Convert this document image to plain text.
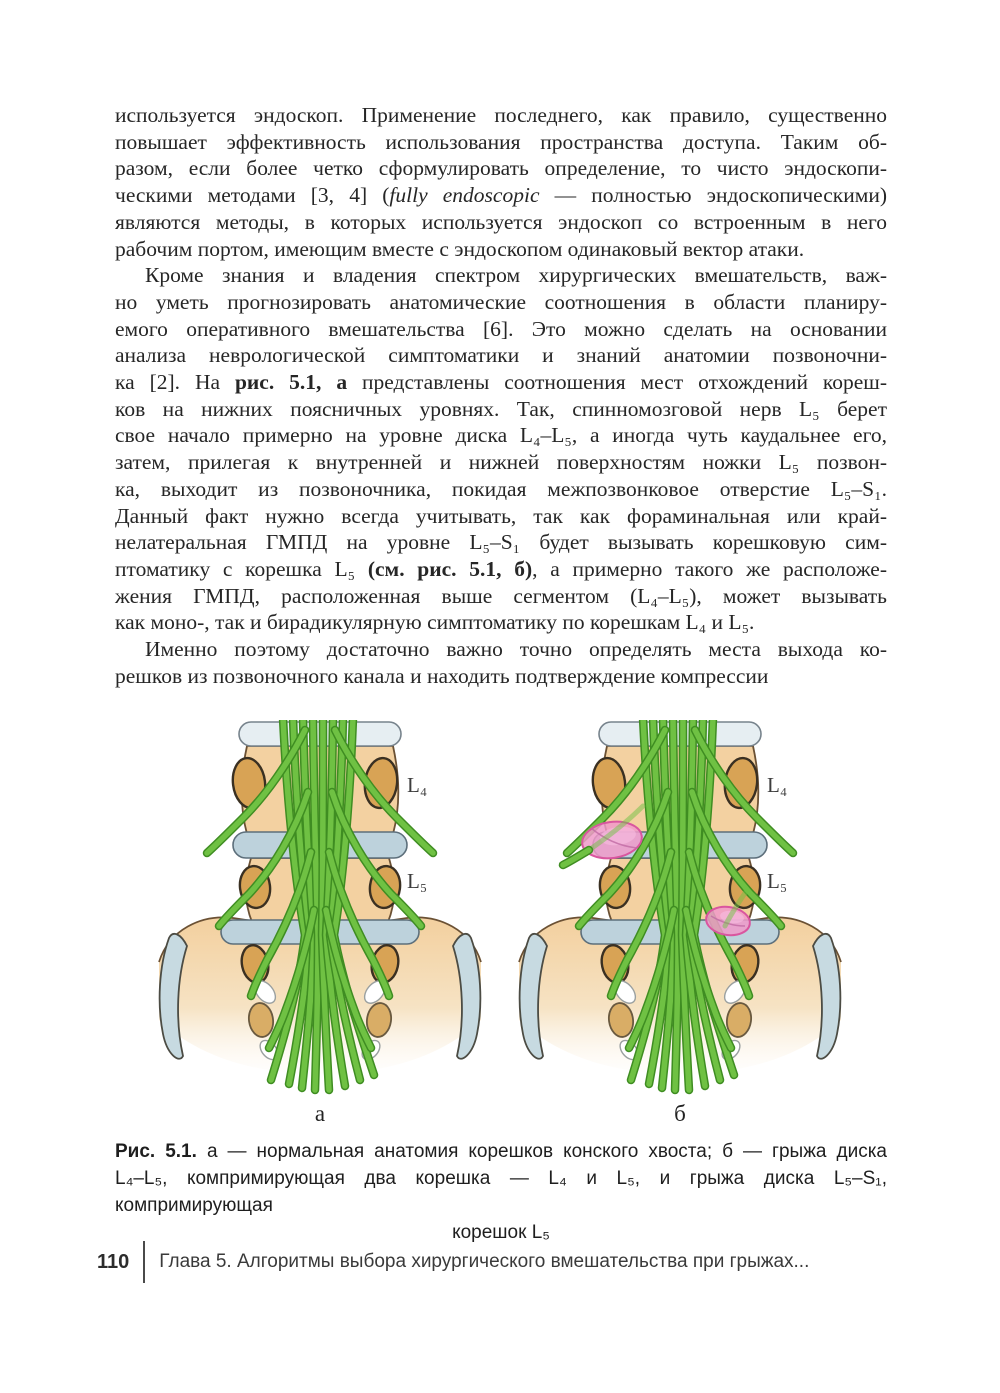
используется эндоскоп. Применение последнего, как правило, существенно
повышает эффективность использования пространства доступа. Таким об-
разом, если более четко сформулировать определение, то чисто эндоскопи-
ческими методами [3, 4] (fully endoscopic — полностью эндоскопическими)
являются методы, в которых используется эндоскоп со встроенным в него
рабочим портом, имеющим вместе с эндоскопом одинаковый вектор атаки.
Кроме знания и владения спектром хирургических вмешательств, важ-
но уметь прогнозировать анатомические соотношения в области планиру-
емого оперативного вмешательства [6]. Это можно сделать на основании
анализа неврологической симптоматики и знаний анатомии позвоночни-
ка [2]. На рис. 5.1, а представлены соотношения мест отхождений кореш-
ков на нижних поясничных уровнях. Так, спинномозговой нерв L₅ берет
свое начало примерно на уровне диска L₄–L₅, а иногда чуть каудальнее его,
затем, прилегая к внутренней и нижней поверхностям ножки L₅ позвон-
ка, выходит из позвоночника, покидая межпозвонковое отверстие L₅–S₁.
Данный факт нужно всегда учитывать, так как фораминальная или край-
нелатеральная ГМПД на уровне L₅–S₁ будет вызывать корешковую сим-
птоматику с корешка L₅ (см. рис. 5.1, б), а примерно такого же расположе-
жения ГМПД, расположенная выше сегментом (L₄–L₅), может вызывать
как моно-, так и бирадикулярную симптоматику по корешкам L₄ и L₅.
Именно поэтому достаточно важно точно определять места выхода ко-
решков из позвоночного канала и находить подтверждение компрессии
L₄
L₅
а
L₄
L₅
б
Рис. 5.1. а — нормальная анатомия корешков конского хвоста; б — грыжа диска
L₄–L₅, компримирующая два корешка — L₄ и L₅, и грыжа диска L₅–S₁, компримирующая
корешок L₅
110 Глава 5. Алгоритмы выбора хирургического вмешательства при грыжах...
